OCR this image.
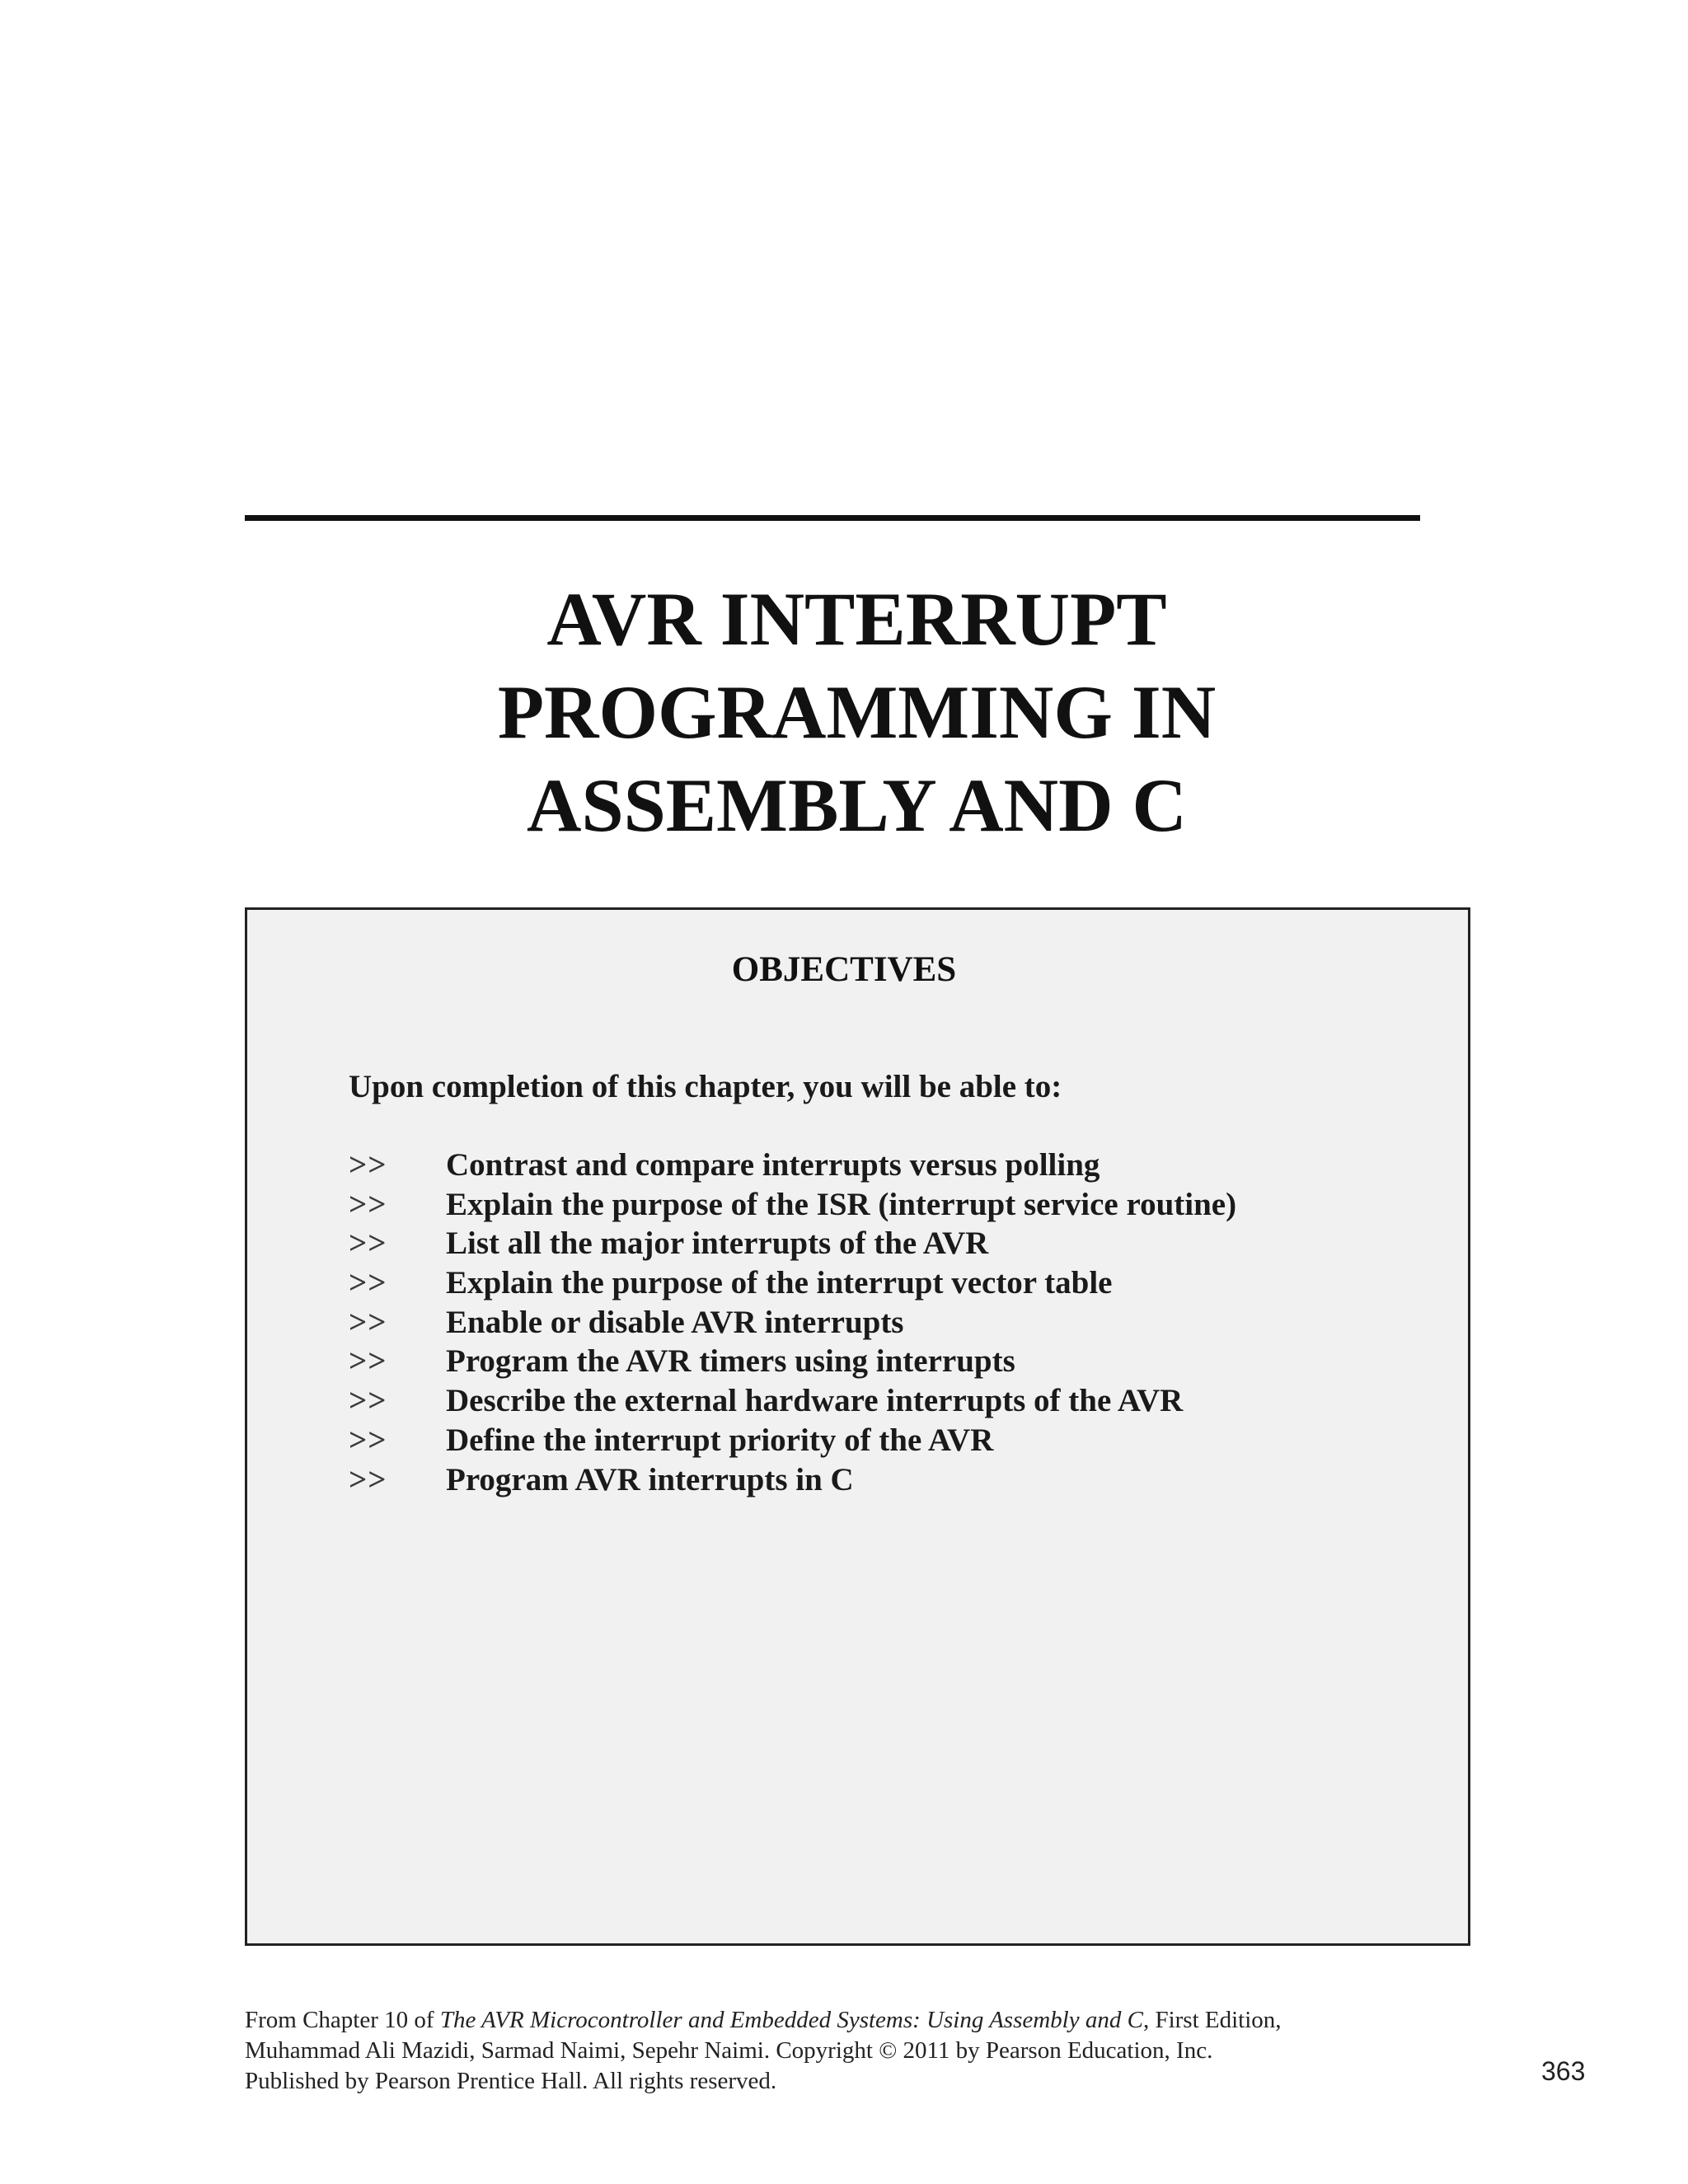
AVR INTERRUPT
PROGRAMMING IN
ASSEMBLY AND C
OBJECTIVES
Upon completion of this chapter, you will be able to:
>> Contrast and compare interrupts versus polling
>> Explain the purpose of the ISR (interrupt service routine)
>> List all the major interrupts of the AVR
>> Explain the purpose of the interrupt vector table
>> Enable or disable AVR interrupts
>> Program the AVR timers using interrupts
>> Describe the external hardware interrupts of the AVR
>> Define the interrupt priority of the AVR
>> Program AVR interrupts in C
From Chapter 10 of The AVR Microcontroller and Embedded Systems: Using Assembly and C, First Edition,
Muhammad Ali Mazidi, Sarmad Naimi, Sepehr Naimi. Copyright © 2011 by Pearson Education, Inc.
Published by Pearson Prentice Hall. All rights reserved.	363
